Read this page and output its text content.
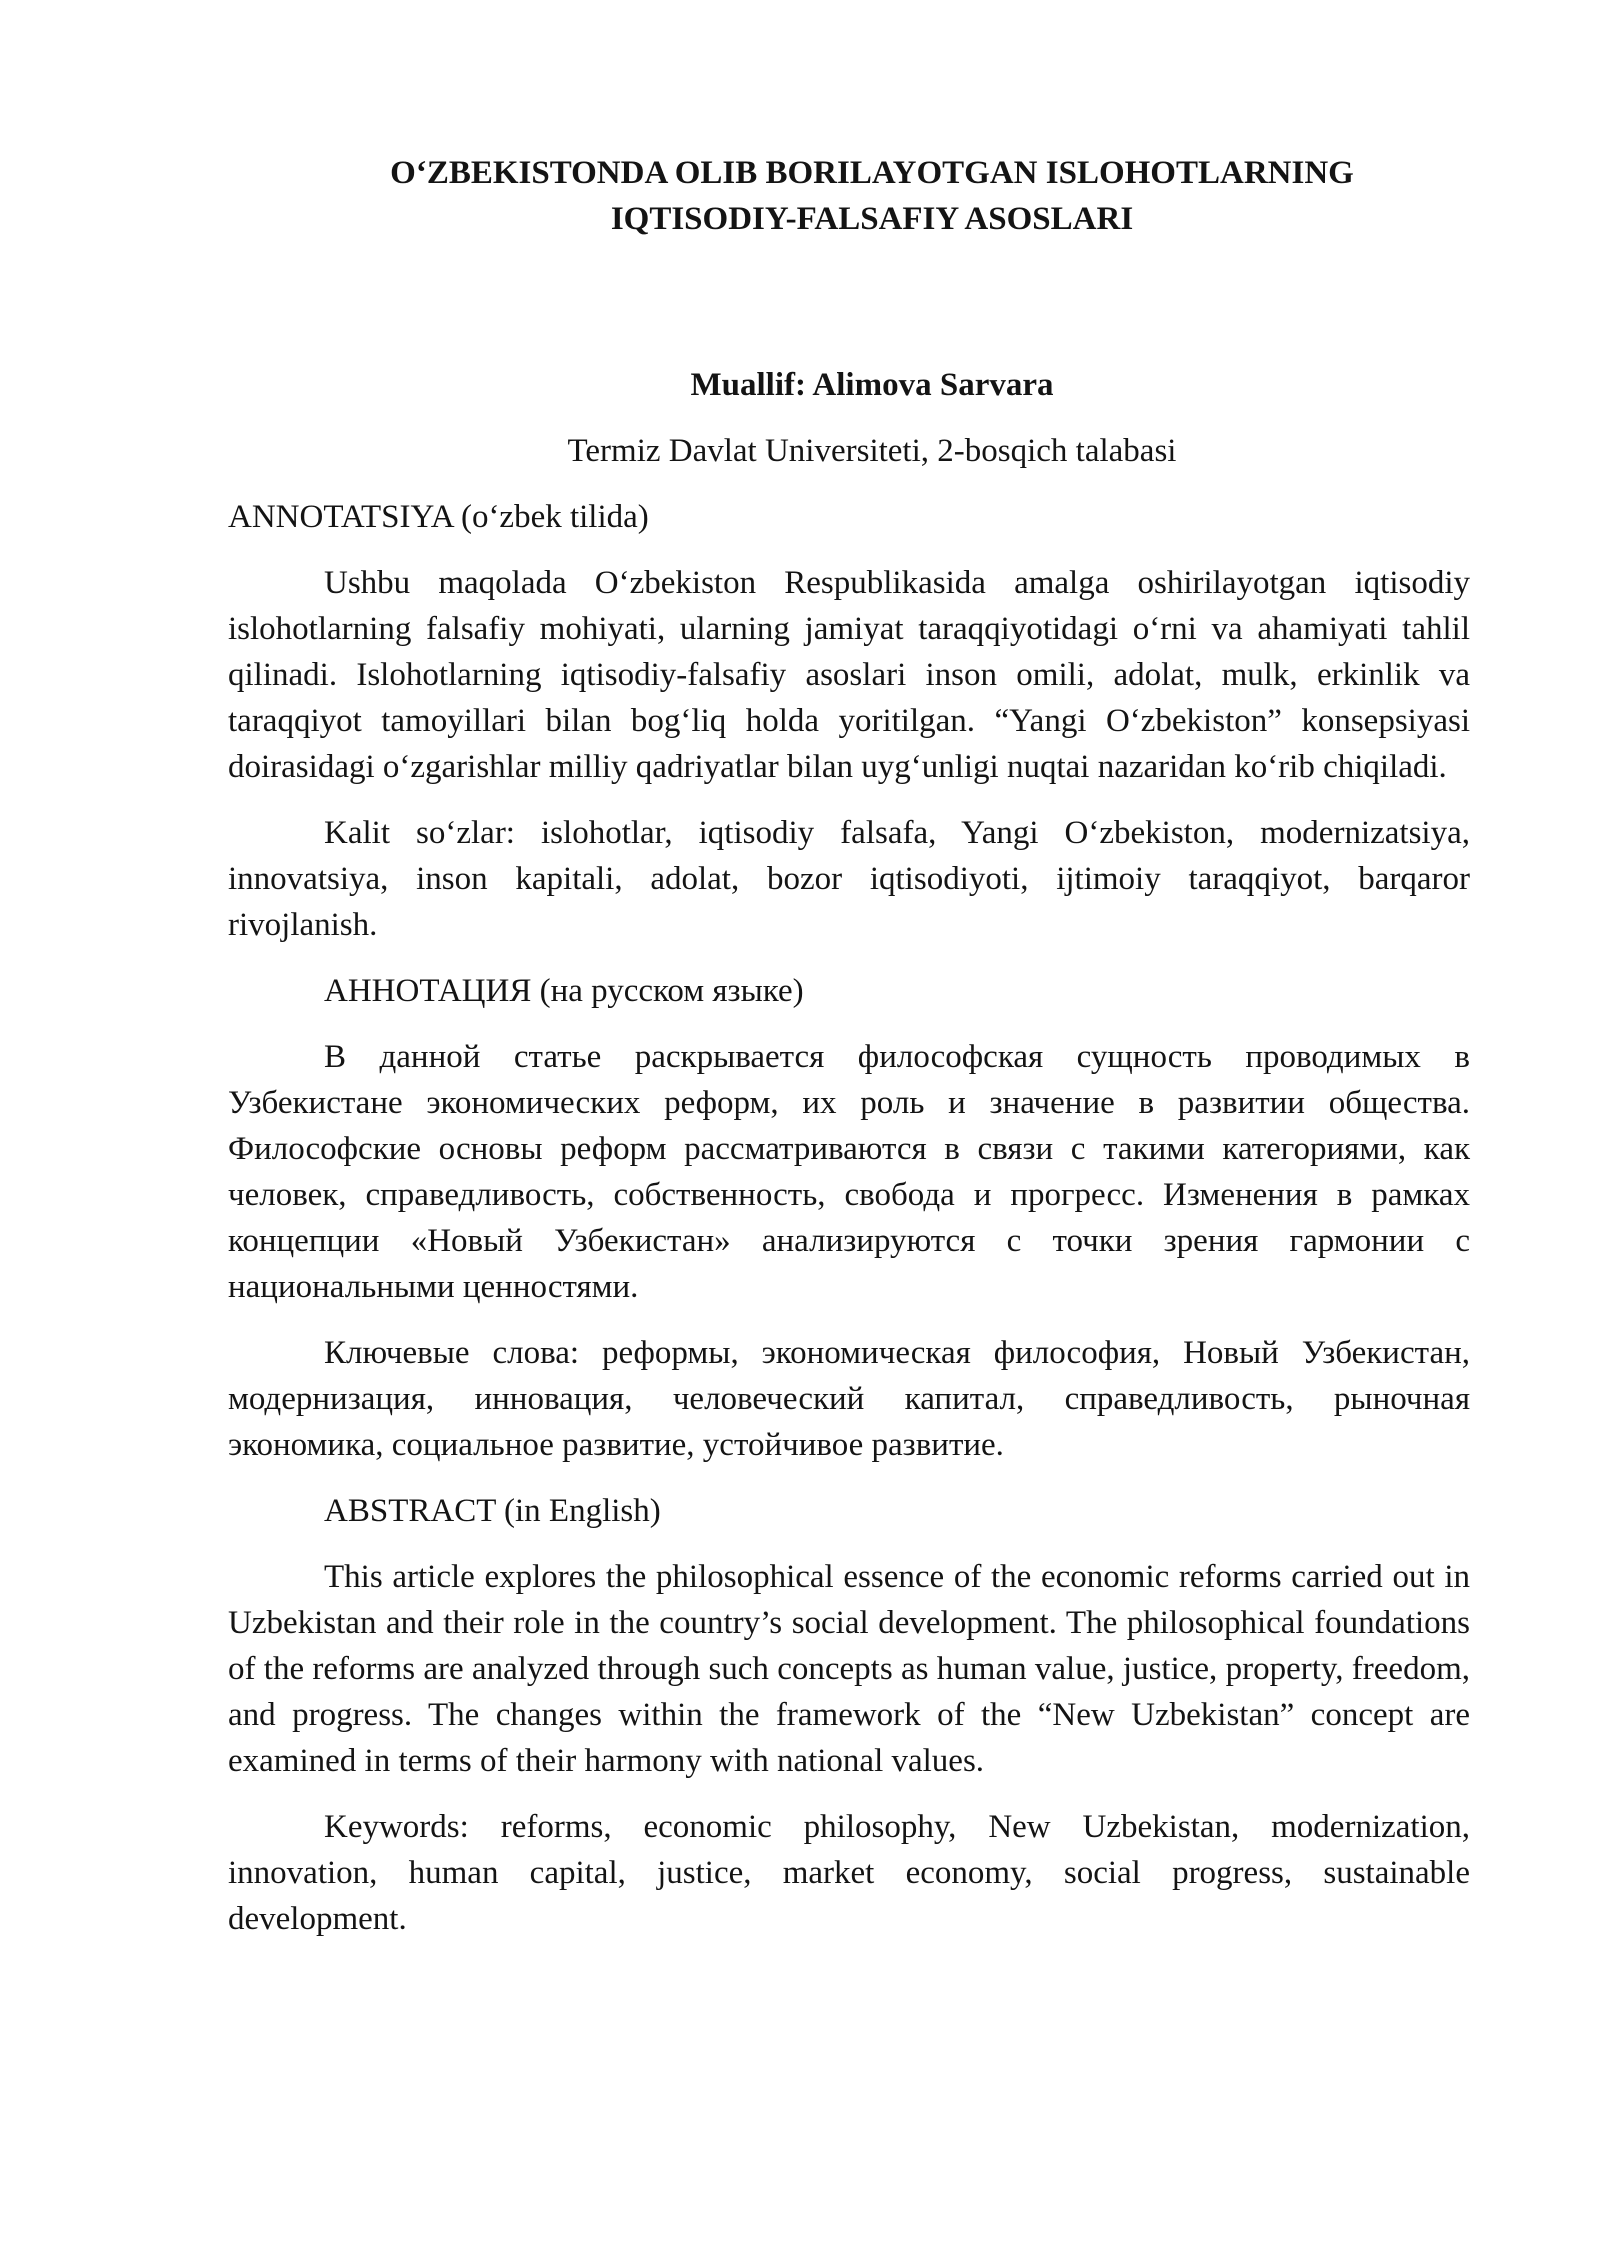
O‘ZBEKISTONDA OLIB BORILAYOTGAN ISLOHOTLARNING
IQTISODIY-FALSAFIY ASOSLARI

Muallif: Alimova Sarvara

Termiz Davlat Universiteti, 2-bosqich talabasi

ANNOTATSIYA (o‘zbek tilida)

Ushbu maqolada O‘zbekiston Respublikasida amalga oshirilayotgan iqtisodiy islohotlarning falsafiy mohiyati, ularning jamiyat taraqqiyotidagi o‘rni va ahamiyati tahlil qilinadi. Islohotlarning iqtisodiy-falsafiy asoslari inson omili, adolat, mulk, erkinlik va taraqqiyot tamoyillari bilan bog‘liq holda yoritilgan. “Yangi O‘zbekiston” konsepsiyasi doirasidagi o‘zgarishlar milliy qadriyatlar bilan uyg‘unligi nuqtai nazaridan ko‘rib chiqiladi.

Kalit so‘zlar: islohotlar, iqtisodiy falsafa, Yangi O‘zbekiston, modernizatsiya, innovatsiya, inson kapitali, adolat, bozor iqtisodiyoti, ijtimoiy taraqqiyot, barqaror rivojlanish.

АННОТАЦИЯ (на русском языке)

В данной статье раскрывается философская сущность проводимых в Узбекистане экономических реформ, их роль и значение в развитии общества. Философские основы реформ рассматриваются в связи с такими категориями, как человек, справедливость, собственность, свобода и прогресс. Изменения в рамках концепции «Новый Узбекистан» анализируются с точки зрения гармонии с национальными ценностями.

Ключевые слова: реформы, экономическая философия, Новый Узбекистан, модернизация, инновация, человеческий капитал, справедливость, рыночная экономика, социальное развитие, устойчивое развитие.

ABSTRACT (in English)

This article explores the philosophical essence of the economic reforms carried out in Uzbekistan and their role in the country’s social development. The philosophical foundations of the reforms are analyzed through such concepts as human value, justice, property, freedom, and progress. The changes within the framework of the “New Uzbekistan” concept are examined in terms of their harmony with national values.

Keywords: reforms, economic philosophy, New Uzbekistan, modernization, innovation, human capital, justice, market economy, social progress, sustainable development.
